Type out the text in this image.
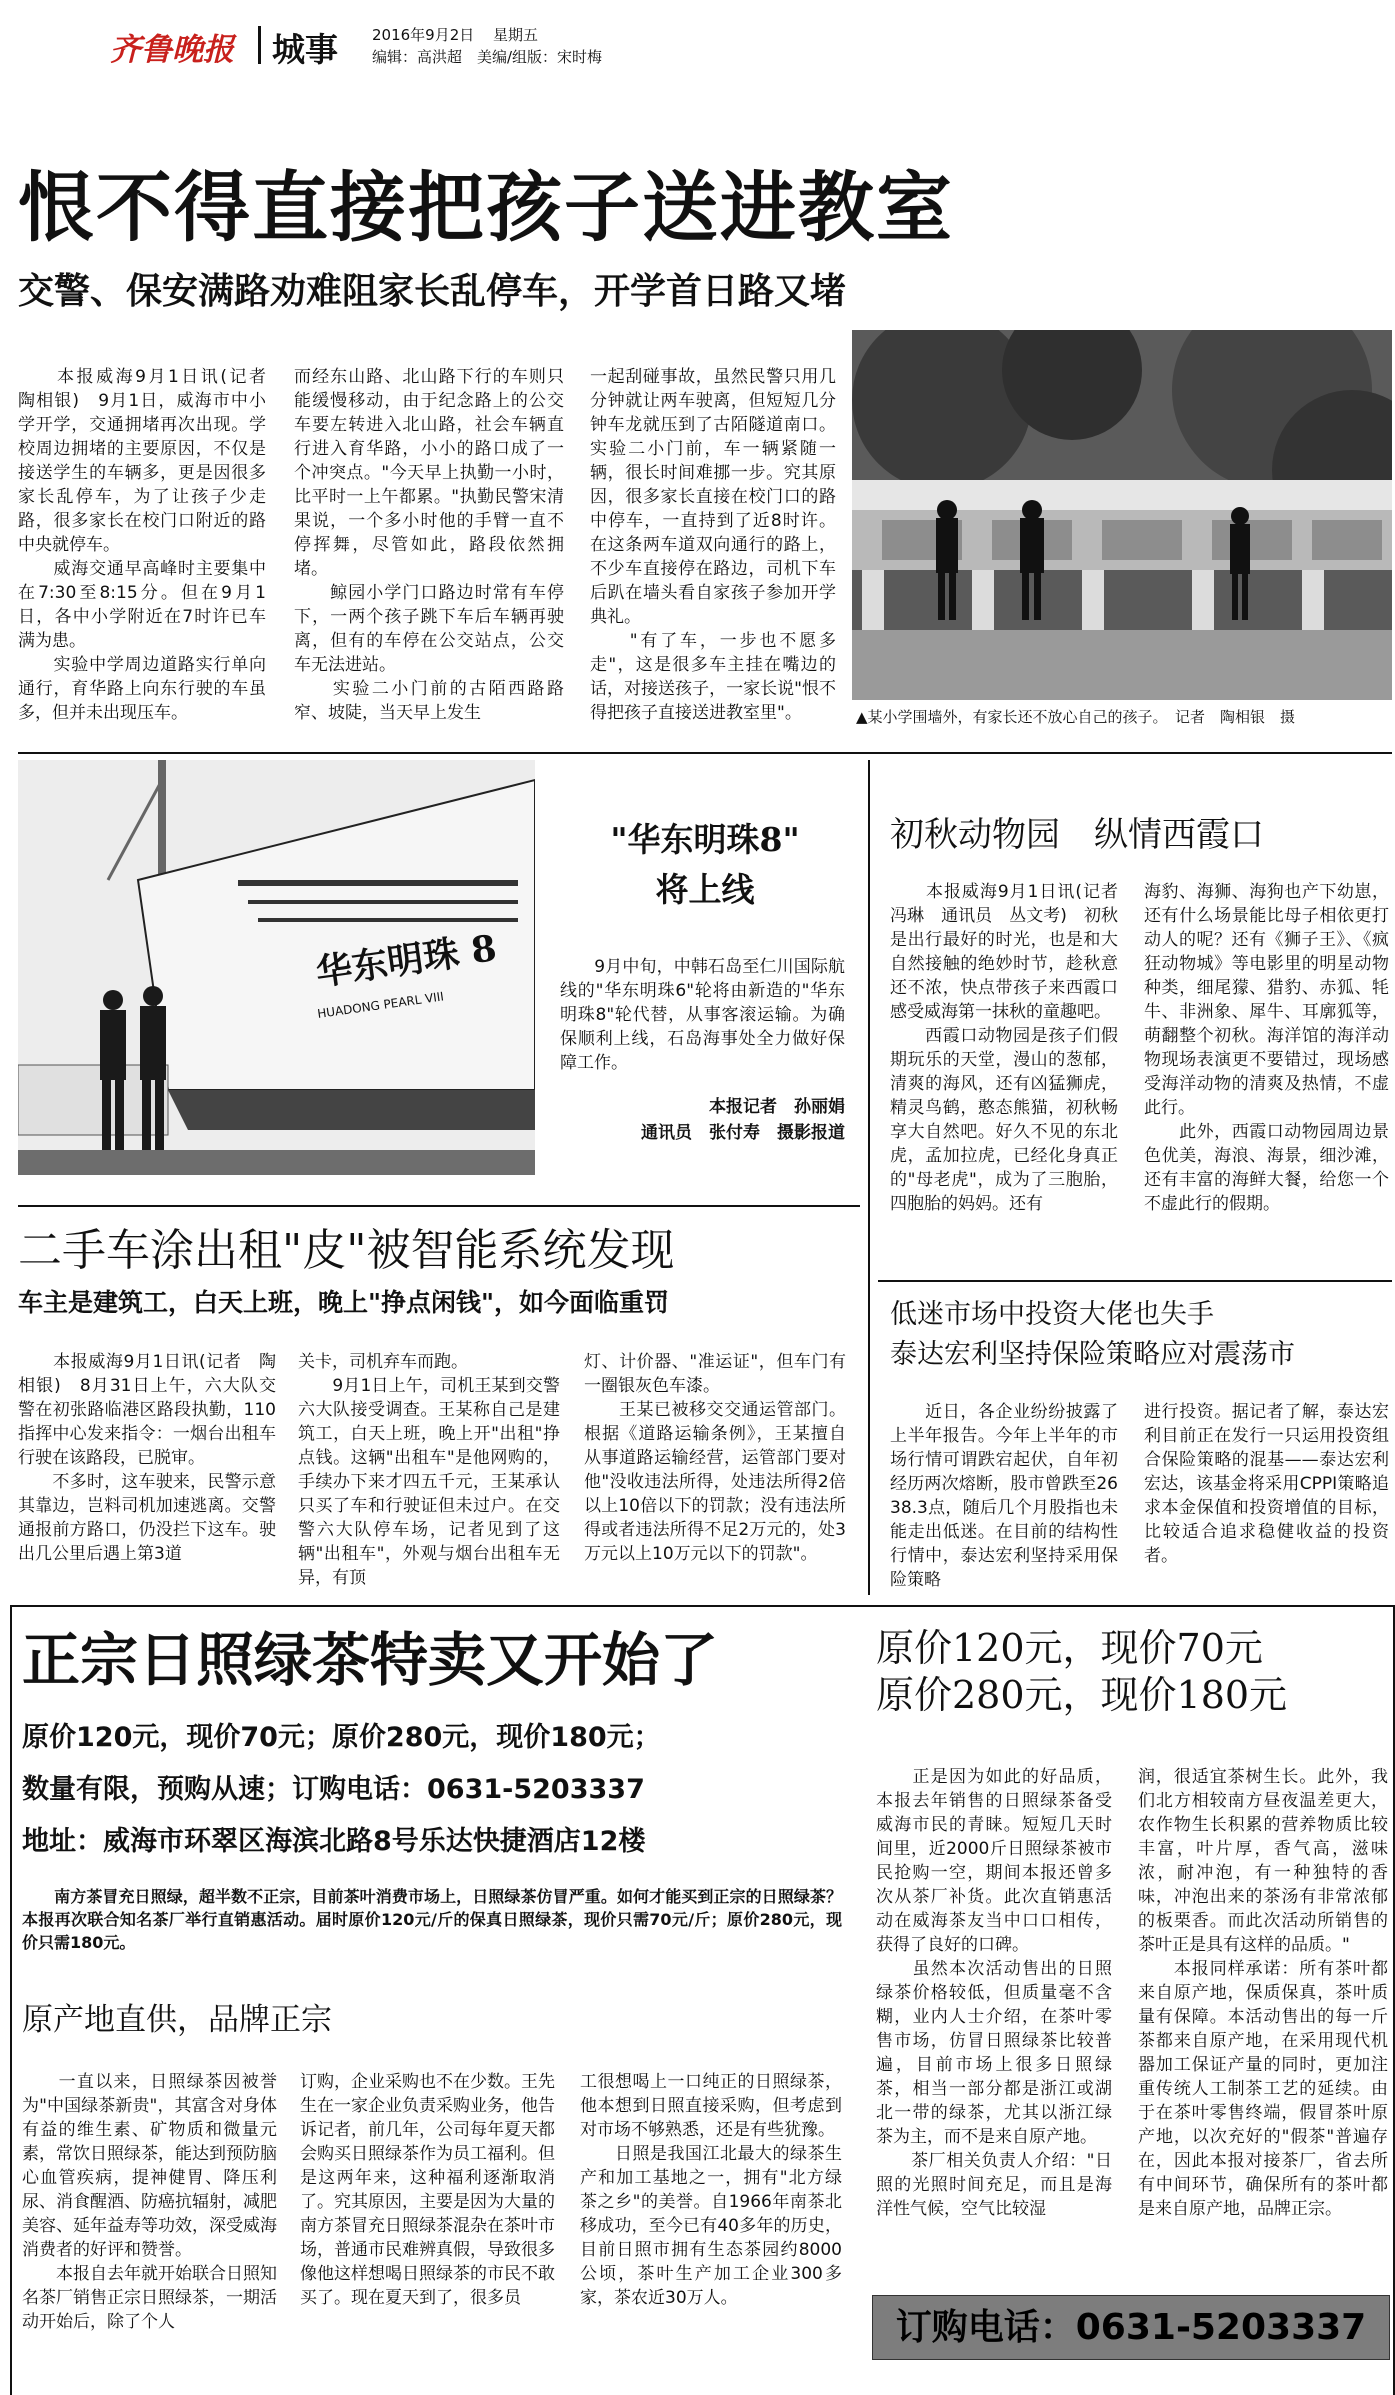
齐鲁晚报 城事 2016年9月2日 星期五
编辑：高洪超　美编/组版：宋时梅
恨不得直接把孩子送进教室
交警、保安满路劝难阻家长乱停车，开学首日路又堵
　　本报威海9月1日讯(记者　陶相银)　9月1日，威海市中小学开学，交通拥堵再次出现。学校周边拥堵的主要原因，不仅是接送学生的车辆多，更是因很多家长乱停车，为了让孩子少走路，很多家长在校门口附近的路中央就停车。
　　威海交通早高峰时主要集中在7:30至8:15分。但在9月1日，各中小学附近在7时许已车满为患。
　　实验中学周边道路实行单向通行，育华路上向东行驶的车虽多，但并未出现压车。
而经东山路、北山路下行的车则只能缓慢移动，由于纪念路上的公交车要左转进入北山路，社会车辆直行进入育华路，小小的路口成了一个冲突点。"今天早上执勤一小时，比平时一上午都累。"执勤民警宋清果说，一个多小时他的手臂一直不停挥舞，尽管如此，路段依然拥堵。
　　鲸园小学门口路边时常有车停下，一两个孩子跳下车后车辆再驶离，但有的车停在公交站点，公交车无法进站。
　　实验二小门前的古陌西路路窄、坡陡，当天早上发生
一起刮碰事故，虽然民警只用几分钟就让两车驶离，但短短几分钟车龙就压到了古陌隧道南口。实验二小门前，车一辆紧随一辆，很长时间难挪一步。究其原因，很多家长直接在校门口的路中停车，一直持到了近8时许。在这条两车道双向通行的路上，不少车直接停在路边，司机下车后趴在墙头看自家孩子参加开学典礼。
　　"有了车，一步也不愿多走"，这是很多车主挂在嘴边的话，对接送孩子，一家长说"恨不得把孩子直接送进教室里"。	▲某小学围墙外，有家长还不放心自己的孩子。　记者　陶相银　摄
华东明珠 8
HUADONG PEARL VIII
"华东明珠8"
将上线
　　9月中旬，中韩石岛至仁川国际航线的"华东明珠6"轮将由新造的"华东明珠8"轮代替，从事客滚运输。为确保顺利上线，石岛海事处全力做好保障工作。
本报记者　孙丽娟
通讯员　张付寿　摄影报道
初秋动物园　纵情西霞口
　　本报威海9月1日讯(记者　冯琳　通讯员　丛文考)　初秋是出行最好的时光，也是和大自然接触的绝妙时节，趁秋意还不浓，快点带孩子来西霞口感受威海第一抹秋的童趣吧。
　　西霞口动物园是孩子们假期玩乐的天堂，漫山的葱郁，清爽的海风，还有凶猛狮虎，精灵鸟鹤，憨态熊猫，初秋畅享大自然吧。好久不见的东北虎，孟加拉虎，已经化身真正的"母老虎"，成为了三胞胎，四胞胎的妈妈。还有
海豹、海狮、海狗也产下幼崽，还有什么场景能比母子相依更打动人的呢？还有《狮子王》、《疯狂动物城》等电影里的明星动物种类，细尾獴、猎豹、赤狐、牦牛、非洲象、犀牛、耳廓狐等，萌翻整个初秋。海洋馆的海洋动物现场表演更不要错过，现场感受海洋动物的清爽及热情，不虚此行。
　　此外，西霞口动物园周边景色优美，海浪、海景，细沙滩，还有丰富的海鲜大餐，给您一个不虚此行的假期。
二手车涂出租"皮"被智能系统发现
车主是建筑工，白天上班，晚上"挣点闲钱"，如今面临重罚
　　本报威海9月1日讯(记者　陶相银)　8月31日上午，六大队交警在初张路临港区路段执勤，110指挥中心发来指令：一烟台出租车行驶在该路段，已脱审。
　　不多时，这车驶来，民警示意其靠边，岂料司机加速逃离。交警通报前方路口，仍没拦下这车。驶出几公里后遇上第3道
关卡，司机弃车而跑。
　　9月1日上午，司机王某到交警六大队接受调查。王某称自己是建筑工，白天上班，晚上开"出租"挣点钱。这辆"出租车"是他网购的，手续办下来才四五千元，王某承认只买了车和行驶证但未过户。在交警六大队停车场，记者见到了这辆"出租车"，外观与烟台出租车无异，有顶
灯、计价器、"准运证"，但车门有一圈银灰色车漆。
　　王某已被移交交通运管部门。根据《道路运输条例》，王某擅自从事道路运输经营，运管部门要对他"没收违法所得，处违法所得2倍以上10倍以下的罚款；没有违法所得或者违法所得不足2万元的，处3万元以上10万元以下的罚款"。
低迷市场中投资大佬也失手
泰达宏利坚持保险策略应对震荡市
　　近日，各企业纷纷披露了上半年报告。今年上半年的市场行情可谓跌宕起伏，自年初经历两次熔断，股市曾跌至2638.3点，随后几个月股指也未能走出低迷。在目前的结构性行情中，泰达宏利坚持采用保险策略
进行投资。据记者了解，泰达宏利目前正在发行一只运用投资组合保险策略的混基——泰达宏利宏达，该基金将采用CPPI策略追求本金保值和投资增值的目标，比较适合追求稳健收益的投资者。
正宗日照绿茶特卖又开始了
原价120元，现价70元；原价280元，现价180元；
数量有限，预购从速；订购电话：0631-5203337
地址：威海市环翠区海滨北路8号乐达快捷酒店12楼
原价120元，现价70元
原价280元，现价180元
　　南方茶冒充日照绿，超半数不正宗，目前茶叶消费市场上，日照绿茶仿冒严重。如何才能买到正宗的日照绿茶？本报再次联合知名茶厂举行直销惠活动。届时原价120元/斤的保真日照绿茶，现价只需70元/斤；原价280元，现价只需180元。
原产地直供，品牌正宗
　　一直以来，日照绿茶因被誉为"中国绿茶新贵"，其富含对身体有益的维生素、矿物质和微量元素，常饮日照绿茶，能达到预防脑心血管疾病，提神健胃、降压利尿、消食醒酒、防癌抗辐射，减肥美容、延年益寿等功效，深受威海消费者的好评和赞誉。
　　本报自去年就开始联合日照知名茶厂销售正宗日照绿茶，一期活动开始后，除了个人
订购，企业采购也不在少数。王先生在一家企业负责采购业务，他告诉记者，前几年，公司每年夏天都会购买日照绿茶作为员工福利。但是这两年来，这种福利逐渐取消了。究其原因，主要是因为大量的南方茶冒充日照绿茶混杂在茶叶市场，普通市民难辨真假，导致很多像他这样想喝日照绿茶的市民不敢买了。现在夏天到了，很多员
工很想喝上一口纯正的日照绿茶，他本想到日照直接采购，但考虑到对市场不够熟悉，还是有些犹豫。
　　日照是我国江北最大的绿茶生产和加工基地之一，拥有"北方绿茶之乡"的美誉。自1966年南茶北移成功，至今已有40多年的历史，目前日照市拥有生态茶园约8000公顷，茶叶生产加工企业300多家，茶农近30万人。
　　正是因为如此的好品质，本报去年销售的日照绿茶备受威海市民的青睐。短短几天时间里，近2000斤日照绿茶被市民抢购一空，期间本报还曾多次从茶厂补货。此次直销惠活动在威海茶友当中口口相传，获得了良好的口碑。
　　虽然本次活动售出的日照绿茶价格较低，但质量毫不含糊，业内人士介绍，在茶叶零售市场，仿冒日照绿茶比较普遍，目前市场上很多日照绿茶，相当一部分都是浙江或湖北一带的绿茶，尤其以浙江绿茶为主，而不是来自原产地。
　　茶厂相关负责人介绍："日照的光照时间充足，而且是海洋性气候，空气比较湿
润，很适宜茶树生长。此外，我们北方相较南方昼夜温差更大，农作物生长积累的营养物质比较丰富，叶片厚，香气高，滋味浓，耐冲泡，有一种独特的香味，冲泡出来的茶汤有非常浓郁的板栗香。而此次活动所销售的茶叶正是具有这样的品质。"
　　本报同样承诺：所有茶叶都来自原产地，保质保真，茶叶质量有保障。本活动售出的每一斤茶都来自原产地，在采用现代机器加工保证产量的同时，更加注重传统人工制茶工艺的延续。由于在茶叶零售终端，假冒茶叶原产地，以次充好的"假茶"普遍存在，因此本报对接茶厂，省去所有中间环节，确保所有的茶叶都是来自原产地，品牌正宗。
订购电话：0631-5203337
